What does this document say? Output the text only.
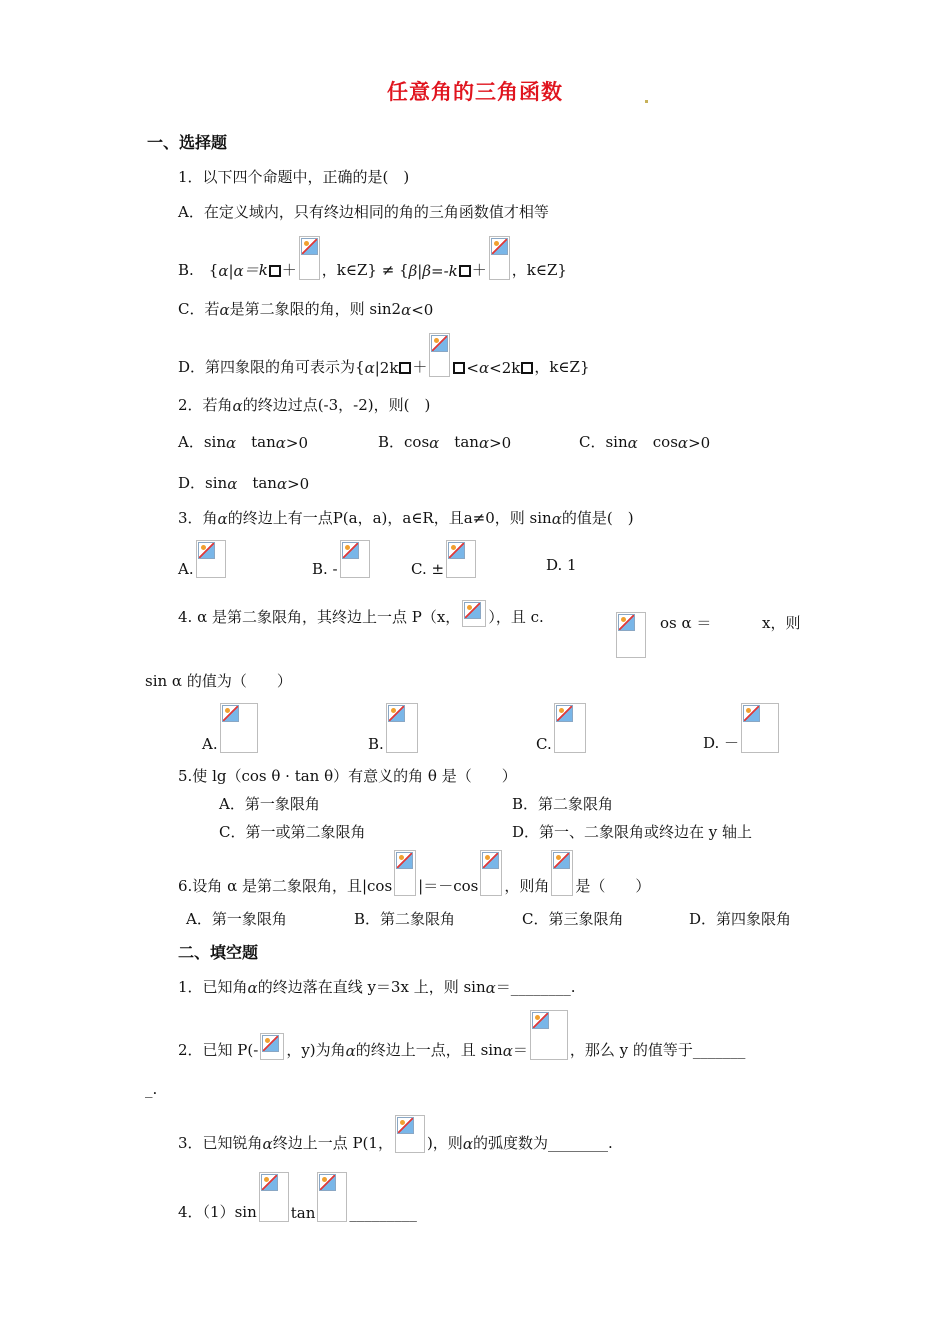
任意角的三角函数
一、选择题
1．以下四个命题中，正确的是(　)
A．在定义域内，只有终边相同的角的三角函数值才相等
B.　{ α | α ＝k ＋ ，k∈Z} ≠ { β | β =-k ＋ ，k∈Z}
C．若 α 是第二象限的角，则 sin2 α <0
D．第四象限的角可表示为{ α |2k ＋	< α <2k ，k∈Z}
2．若角 α 的终边过点(-3，-2)，则(　)
A．sin α 　tan α >0	B．cos α 　tan α >0	C．sin α 　cos α >0
D．sin α 　tan α >0
3．角 α 的终边上有一点P(a，a)，a∈R，且a≠0，则 sin α 的值是(　)
A.	B. -	C. ±	D. 1
4. α 是第二象限角，其终边上一点 P（x， ），且 c.	os α ＝	x，则
sin α 的值为（　　）
A.	B.	C.	D. －
5.使 lg（cos θ · tan θ）有意义的角 θ 是（　　）
A．第一象限角	B．第二象限角
C．第一或第二象限角	D．第一、二象限角或终边在 y 轴上
6.设角 α 是第二象限角，且|cos |＝－cos ，则角 是（　　）
A．第一象限角	B．第二象限角	C．第三象限角	D．第四象限角
二、填空题
1．已知角 α 的终边落在直线 y＝3x 上，则 sin α ＝________.
2．已知 P(- ，y)为角 α 的终边上一点，且 sin α ＝	，那么 y 的值等于_______
_.
3．已知锐角 α 终边上一点 P(1， )，则 α 的弧度数为________.
4．（1）sin tan _________
